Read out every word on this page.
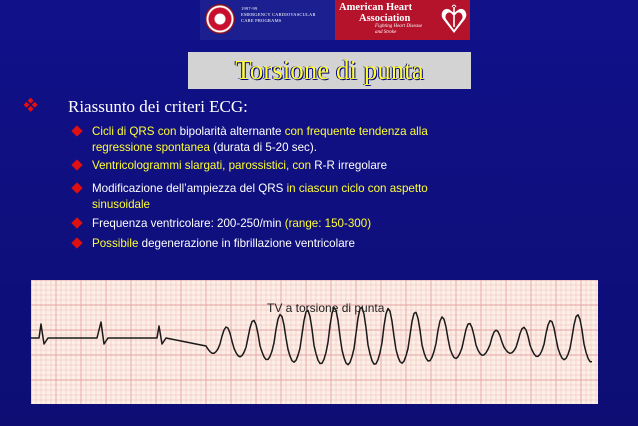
1997-99
EMERGENCY CARDIOVASCULAR
CARE PROGRAMS
American Heart
Association
Fighting Heart Disease
and Stroke
Torsione di punta
Riassunto dei criteri ECG:
Cicli di QRS con bipolarità alternante con frequente tendenza alla
regressione spontanea (durata di 5-20 sec).
Ventricologrammi slargati, parossistici, con R-R irregolare
Modificazione dell’ampiezza del QRS in ciascun ciclo con aspetto
sinusoidale
Frequenza ventricolare: 200-250/min (range: 150-300)
Possibile degenerazione in fibrillazione ventricolare
TV a torsione di punta
